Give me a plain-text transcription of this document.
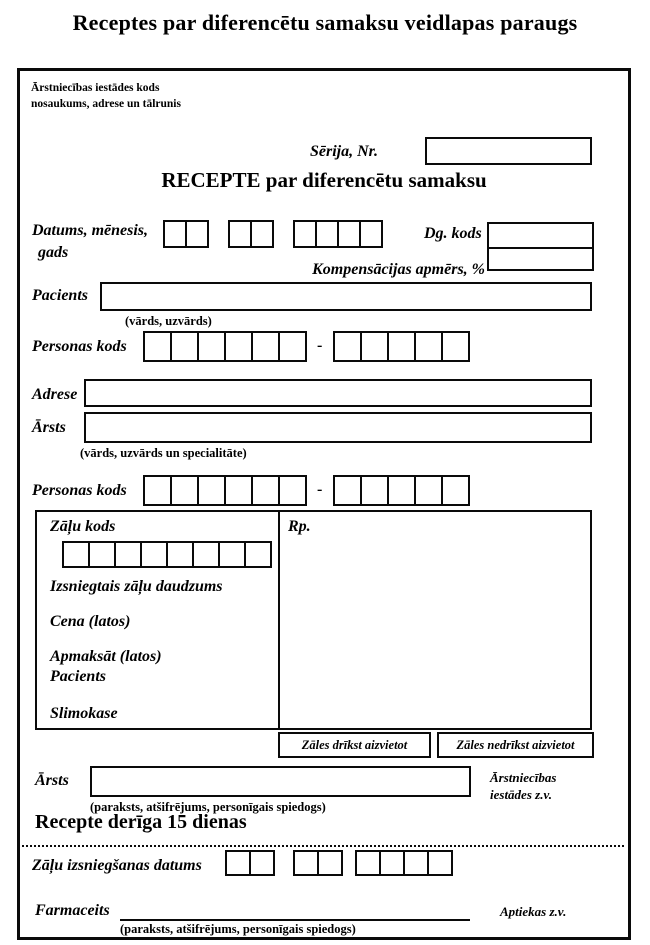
Receptes par diferencētu samaksu veidlapas paraugs
Ārstniecības iestādes kods
nosaukums, adrese un tālrunis
Sērija, Nr.
RECEPTE par diferencētu samaksu
Datums, mēnesis,
gads
Dg. kods
Kompensācijas apmērs, %
Pacients
(vārds, uzvārds)
Personas kods	-
Adrese
Ārsts
(vārds, uzvārds un specialitāte)
Personas kods	-
Zāļu kods
Izsniegtais zāļu daudzums
Cena (latos)
Apmaksāt (latos)
Pacients
Slimokase
Rp.
Zāles drīkst aizvietot	Zāles nedrīkst aizvietot
Ārsts
(paraksts, atšifrējums, personīgais spiedogs)
Ārstniecības
iestādes z.v.
Recepte derīga 15 dienas
Zāļu izsniegšanas datums
Farmaceits	Aptiekas z.v.
(paraksts, atšifrējums, personīgais spiedogs)
